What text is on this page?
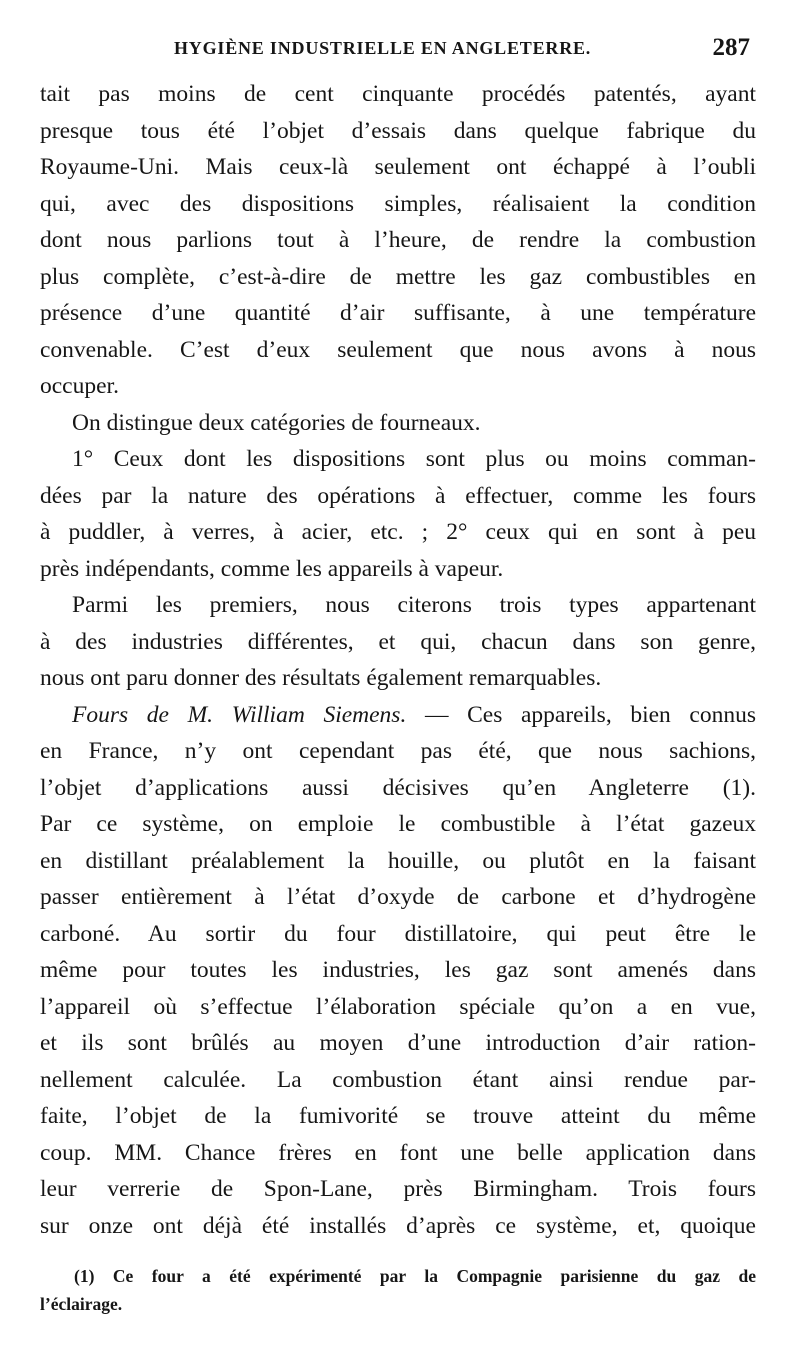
HYGIÈNE INDUSTRIELLE EN ANGLETERRE.	287
tait pas moins de cent cinquante procédés patentés, ayant
presque tous été l’objet d’essais dans quelque fabrique du
Royaume-Uni. Mais ceux-là seulement ont échappé à l’oubli
qui, avec des dispositions simples, réalisaient la condition
dont nous parlions tout à l’heure, de rendre la combustion
plus complète, c’est-à-dire de mettre les gaz combustibles en
présence d’une quantité d’air suffisante, à une température
convenable. C’est d’eux seulement que nous avons à nous
occuper.
On distingue deux catégories de fourneaux.
1° Ceux dont les dispositions sont plus ou moins comman-
dées par la nature des opérations à effectuer, comme les fours
à puddler, à verres, à acier, etc. ; 2° ceux qui en sont à peu
près indépendants, comme les appareils à vapeur.
Parmi les premiers, nous citerons trois types appartenant
à des industries différentes, et qui, chacun dans son genre,
nous ont paru donner des résultats également remarquables.
Fours de M. William Siemens. — Ces appareils, bien connus
en France, n’y ont cependant pas été, que nous sachions,
l’objet d’applications aussi décisives qu’en Angleterre (1).
Par ce système, on emploie le combustible à l’état gazeux
en distillant préalablement la houille, ou plutôt en la faisant
passer entièrement à l’état d’oxyde de carbone et d’hydrogène
carboné. Au sortir du four distillatoire, qui peut être le
même pour toutes les industries, les gaz sont amenés dans
l’appareil où s’effectue l’élaboration spéciale qu’on a en vue,
et ils sont brûlés au moyen d’une introduction d’air ration-
nellement calculée. La combustion étant ainsi rendue par-
faite, l’objet de la fumivorité se trouve atteint du même
coup. MM. Chance frères en font une belle application dans
leur verrerie de Spon-Lane, près Birmingham. Trois fours
sur onze ont déjà été installés d’après ce système, et, quoique
(1) Ce four a été expérimenté par la Compagnie parisienne du gaz de
l’éclairage.
